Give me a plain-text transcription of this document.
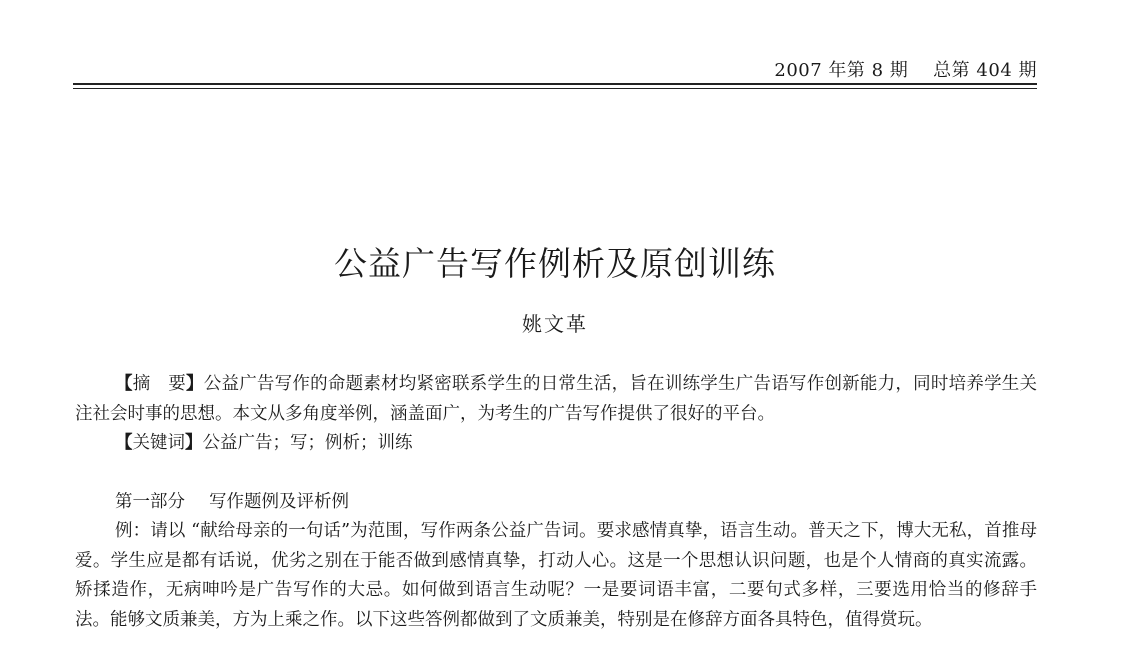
2007 年第 8 期    总第 404 期
公益广告写作例析及原创训练
姚文革
【摘　要】公益广告写作的命题素材均紧密联系学生的日常生活，旨在训练学生广告语写作创新能力，同时培养学生关注社会时事的思想。本文从多角度举例，涵盖面广，为考生的广告写作提供了很好的平台。
【关键词】公益广告；写；例析；训练
第一部分 写作题例及评析例
例：请以 “献给母亲的一句话”为范围，写作两条公益广告词。要求感情真挚，语言生动。普天之下，博大无私，首推母爱。学生应是都有话说，优劣之别在于能否做到感情真挚，打动人心。这是一个思想认识问题，也是个人情商的真实流露。矫揉造作，无病呻吟是广告写作的大忌。如何做到语言生动呢？一是要词语丰富，二要句式多样，三要选用恰当的修辞手法。能够文质兼美，方为上乘之作。以下这些答例都做到了文质兼美，特别是在修辞方面各具特色，值得赏玩。
